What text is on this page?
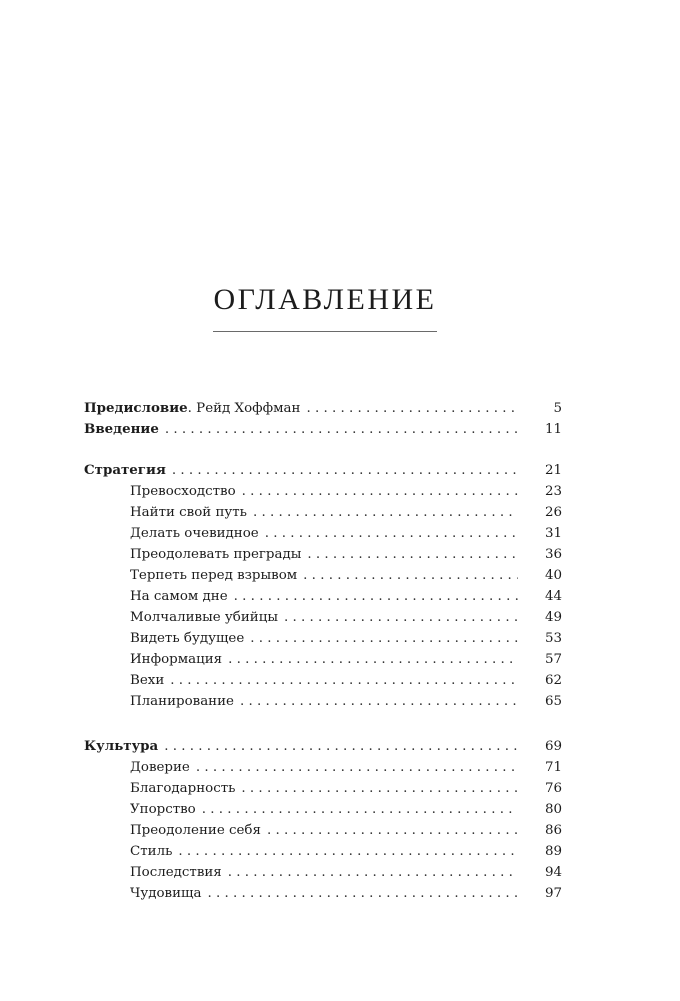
ОГЛАВЛЕНИЕ
Предисловие. Рейд Хоффман . . .	5
Введение . . .	11
Стратегия . . .	21
Превосходство . . .	23
Найти свой путь . . .	26
Делать очевидное . . .	31
Преодолевать преграды . . .	36
Терпеть перед взрывом . . .	40
На самом дне . . .	44
Молчаливые убийцы . . .	49
Видеть будущее . . .	53
Информация . . .	57
Вехи . . .	62
Планирование . . .	65
Культура . . .	69
Доверие . . .	71
Благодарность . . .	76
Упорство . . .	80
Преодоление себя . . .	86
Стиль . . .	89
Последствия . . .	94
Чудовища . . .	97
